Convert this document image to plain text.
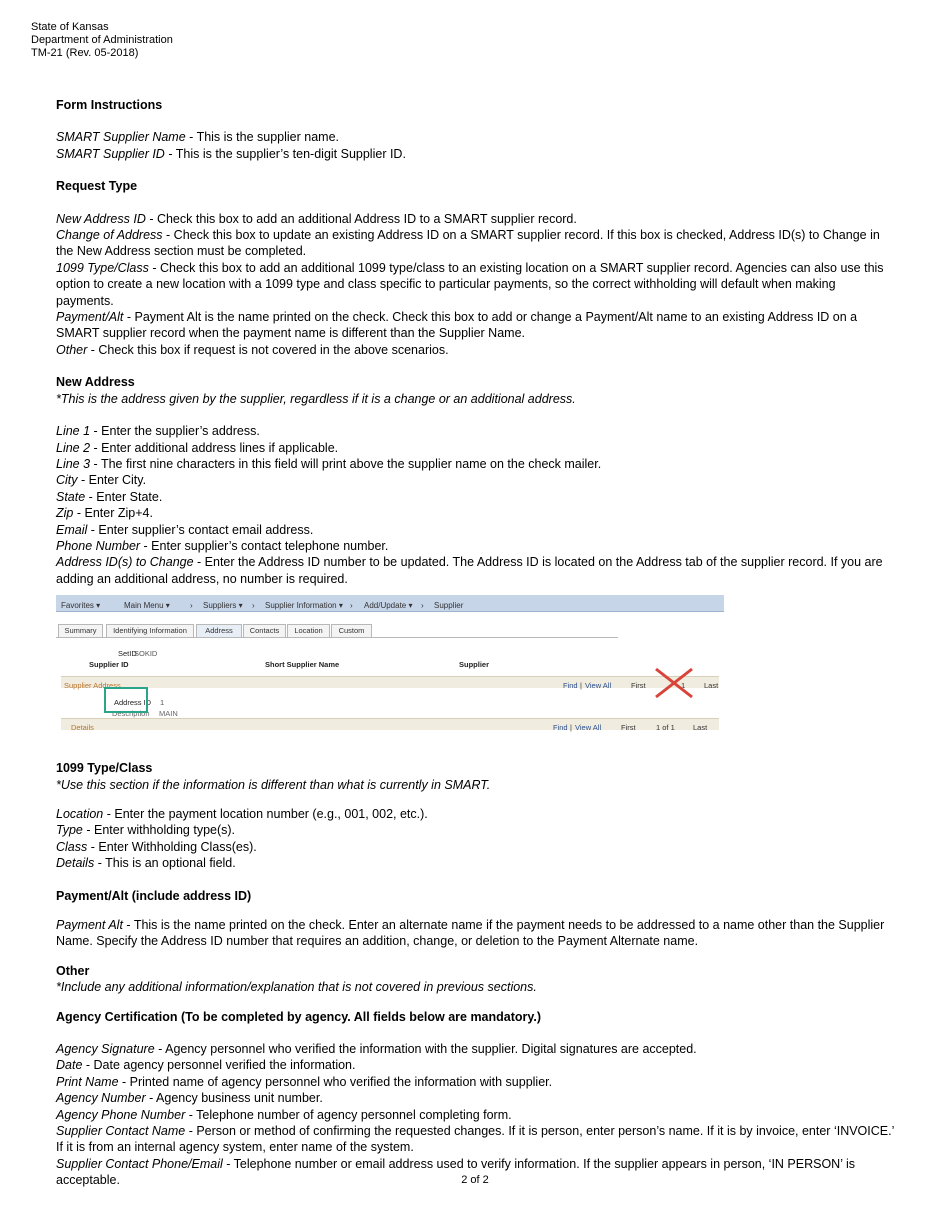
State of Kansas
Department of Administration
TM-21 (Rev. 05-2018)
Form Instructions
SMART Supplier Name - This is the supplier name.
SMART Supplier ID - This is the supplier’s ten-digit Supplier ID.
Request Type
New Address ID - Check this box to add an additional Address ID to a SMART supplier record.
Change of Address - Check this box to update an existing Address ID on a SMART supplier record. If this box is checked, Address ID(s) to Change in the New Address section must be completed.
1099 Type/Class - Check this box to add an additional 1099 type/class to an existing location on a SMART supplier record. Agencies can also use this option to create a new location with a 1099 type and class specific to particular payments, so the correct withholding will default when making payments.
Payment/Alt - Payment Alt is the name printed on the check. Check this box to add or change a Payment/Alt name to an existing Address ID on a SMART supplier record when the payment name is different than the Supplier Name.
Other - Check this box if request is not covered in the above scenarios.
New Address
*This is the address given by the supplier, regardless if it is a change or an additional address.
Line 1 - Enter the supplier’s address.
Line 2 - Enter additional address lines if applicable.
Line 3 - The first nine characters in this field will print above the supplier name on the check mailer.
City - Enter City.
State - Enter State.
Zip - Enter Zip+4.
Email - Enter supplier’s contact email address.
Phone Number - Enter supplier’s contact telephone number.
Address ID(s) to Change - Enter the Address ID number to be updated. The Address ID is located on the Address tab of the supplier record. If you are adding an additional address, no number is required.
Favorites ▾	Main Menu ▾	› Suppliers ▾ › Supplier Information ▾ › Add/Update ▾ › Supplier
Summary	Identifying Information	Address	Contacts	Location	Custom
SetID
SOKID
Supplier ID	Short Supplier Name	Supplier
Supplier Address	Find | View All	First	1	Last
Address ID 1
Description MAIN
Details	Find | View All	First	1 of 1 Last
1099 Type/Class
*Use this section if the information is different than what is currently in SMART.
Location - Enter the payment location number (e.g., 001, 002, etc.).
Type - Enter withholding type(s).
Class - Enter Withholding Class(es).
Details - This is an optional field.
Payment/Alt (include address ID)
Payment Alt - This is the name printed on the check. Enter an alternate name if the payment needs to be addressed to a name other than the Supplier Name. Specify the Address ID number that requires an addition, change, or deletion to the Payment Alternate name.
Other
*Include any additional information/explanation that is not covered in previous sections.
Agency Certification (To be completed by agency. All fields below are mandatory.)
Agency Signature - Agency personnel who verified the information with the supplier. Digital signatures are accepted.
Date - Date agency personnel verified the information.
Print Name - Printed name of agency personnel who verified the information with supplier.
Agency Number - Agency business unit number.
Agency Phone Number - Telephone number of agency personnel completing form.
Supplier Contact Name - Person or method of confirming the requested changes. If it is person, enter person’s name. If it is by invoice, enter ‘INVOICE.’ If it is from an internal agency system, enter name of the system.
Supplier Contact Phone/Email - Telephone number or email address used to verify information. If the supplier appears in person, ‘IN PERSON’ is acceptable.	2 of 2
